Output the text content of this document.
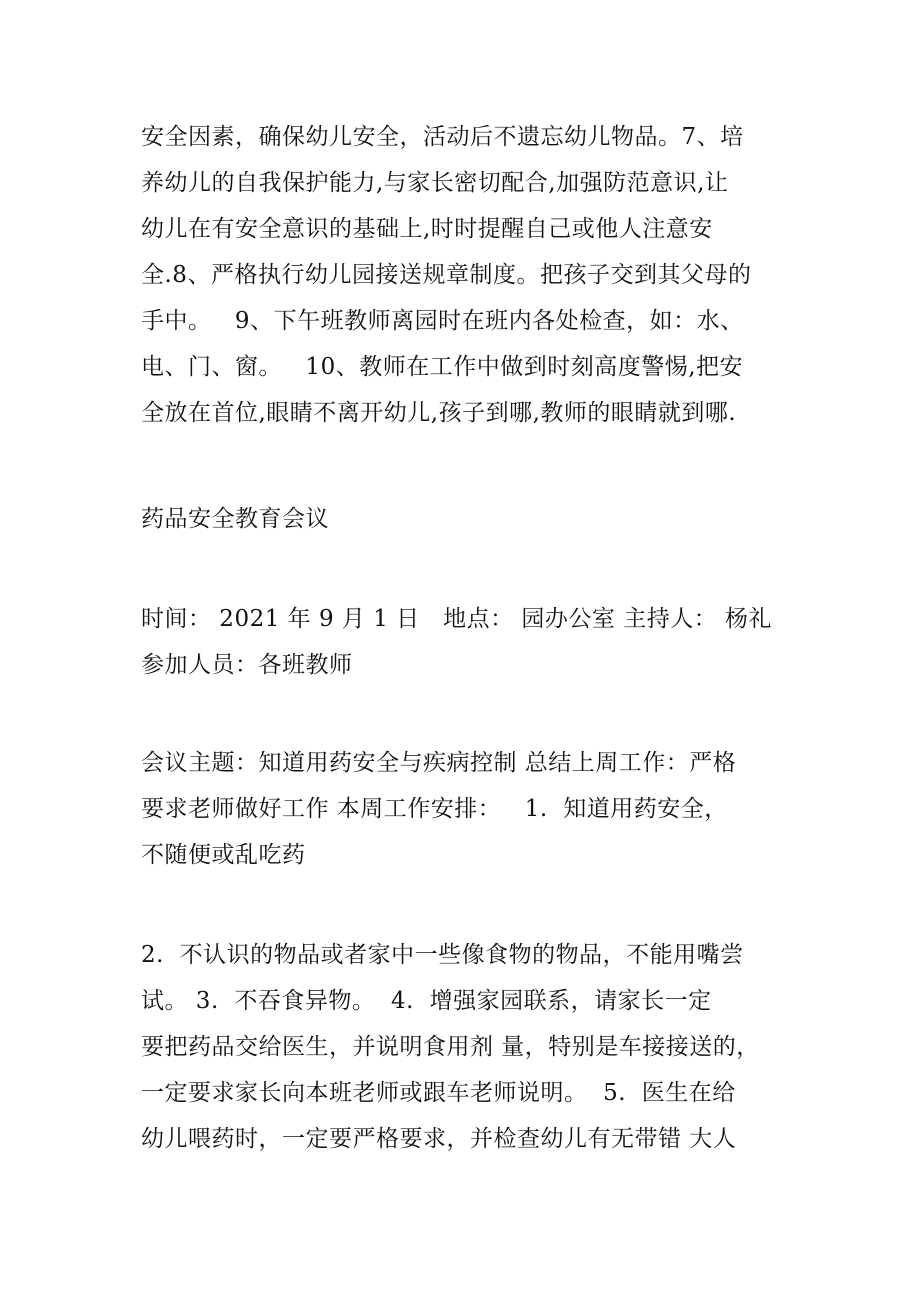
安全因素，确保幼儿安全，活动后不遗忘幼儿物品。7、培
养幼儿的自我保护能力,与家长密切配合,加强防范意识,让
幼儿在有安全意识的基础上,时时提醒自己或他人注意安
全.8、严格执行幼儿园接送规章制度。把孩子交到其父母的
手中。   9、下午班教师离园时在班内各处检查，如：水、
电、门、窗。   10、教师在工作中做到时刻高度警惕,把安
全放在首位,眼睛不离开幼儿,孩子到哪,教师的眼睛就到哪.
药品安全教育会议
时间： 2021 年 9 月 1 日   地点： 园办公室 主持人： 杨礼
参加人员：各班教师
会议主题：知道用药安全与疾病控制 总结上周工作：严格
要求老师做好工作 本周工作安排：   1.  知道用药安全，
不随便或乱吃药
2.  不认识的物品或者家中一些像食物的物品，不能用嘴尝
试。 3.  不吞食异物。  4.  增强家园联系，请家长一定
要把药品交给医生，并说明食用剂 量，特别是车接接送的，
一定要求家长向本班老师或跟车老师说明。  5.  医生在给
幼儿喂药时，一定要严格要求，并检查幼儿有无带错 大人
